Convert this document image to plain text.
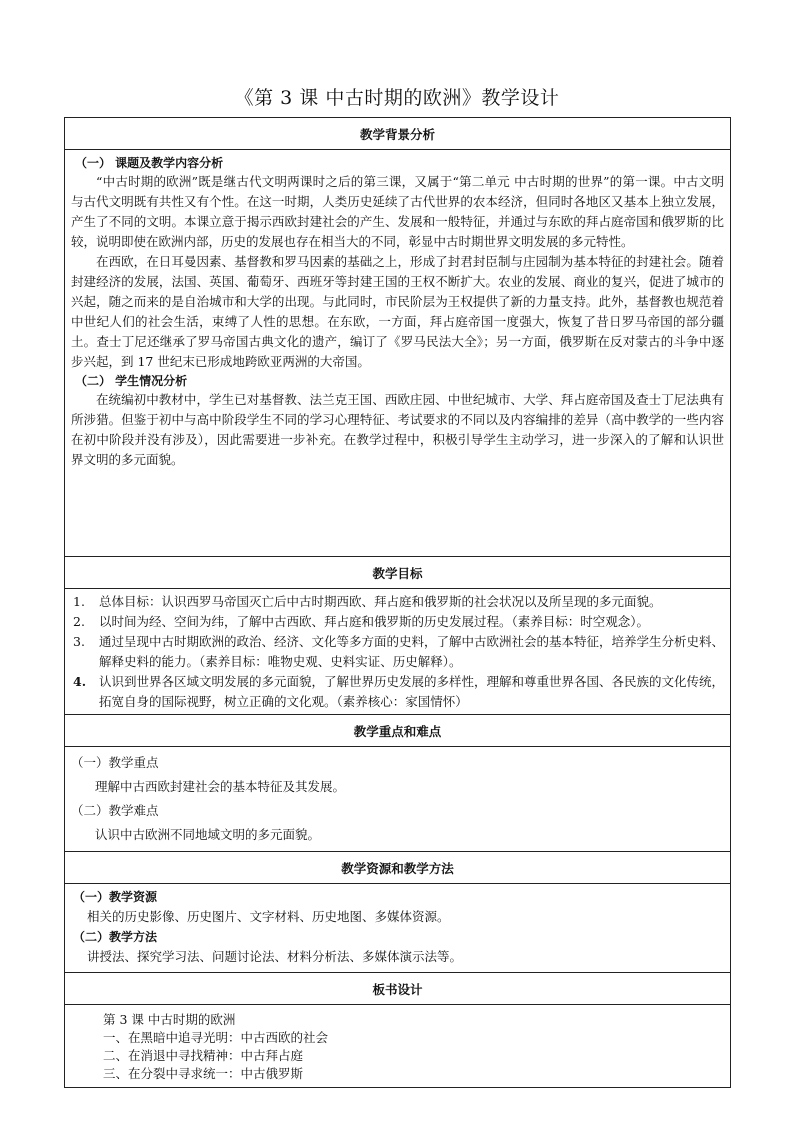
《第 3 课 中古时期的欧洲》教学设计
教学背景分析

（一） 课题及教学内容分析

“中古时期的欧洲”既是继古代文明两课时之后的第三课，又属于“第二单元 中古时期的世界”的第一课。中古文明与古代文明既有共性又有个性。在这一时期，人类历史延续了古代世界的农本经济，但同时各地区又基本上独立发展，产生了不同的文明。本课立意于揭示西欧封建社会的产生、发展和一般特征，并通过与东欧的拜占庭帝国和俄罗斯的比较，说明即使在欧洲内部，历史的发展也存在相当大的不同，彰显中古时期世界文明发展的多元特性。

在西欧，在日耳曼因素、基督教和罗马因素的基础之上，形成了封君封臣制与庄园制为基本特征的封建社会。随着封建经济的发展，法国、英国、葡萄牙、西班牙等封建王国的王权不断扩大。农业的发展、商业的复兴，促进了城市的兴起，随之而来的是自治城市和大学的出现。与此同时，市民阶层为王权提供了新的力量支持。此外，基督教也规范着中世纪人们的社会生活，束缚了人性的思想。在东欧，一方面，拜占庭帝国一度强大，恢复了昔日罗马帝国的部分疆土。查士丁尼还继承了罗马帝国古典文化的遗产，编订了《罗马民法大全》；另一方面，俄罗斯在反对蒙古的斗争中逐步兴起，到 17 世纪末已形成地跨欧亚两洲的大帝国。

（二） 学生情况分析

在统编初中教材中，学生已对基督教、法兰克王国、西欧庄园、中世纪城市、大学、拜占庭帝国及查士丁尼法典有所涉猎。但鉴于初中与高中阶段学生不同的学习心理特征、考试要求的不同以及内容编排的差异（高中教学的一些内容在初中阶段并没有涉及），因此需要进一步补充。在教学过程中，积极引导学生主动学习，进一步深入的了解和认识世界文明的多元面貌。

教学目标

1.	总体目标：认识西罗马帝国灭亡后中古时期西欧、拜占庭和俄罗斯的社会状况以及所呈现的多元面貌。
2.	以时间为经、空间为纬，了解中古西欧、拜占庭和俄罗斯的历史发展过程。（素养目标：时空观念）。
3.	通过呈现中古时期欧洲的政治、经济、文化等多方面的史料，了解中古欧洲社会的基本特征，培养学生分析史料、解释史料的能力。（素养目标：唯物史观、史料实证、历史解释）。
4.	认识到世界各区域文明发展的多元面貌，了解世界历史发展的多样性，理解和尊重世界各国、各民族的文化传统，拓宽自身的国际视野，树立正确的文化观。（素养核心：家国情怀）

教学重点和难点

（一）教学重点
理解中古西欧封建社会的基本特征及其发展。
（二）教学难点
认识中古欧洲不同地域文明的多元面貌。

教学资源和教学方法

（一）教学资源
相关的历史影像、历史图片、文字材料、历史地图、多媒体资源。
（二）教学方法
讲授法、探究学习法、问题讨论法、材料分析法、多媒体演示法等。

板书设计

第 3 课 中古时期的欧洲
一、在黑暗中追寻光明：中古西欧的社会
二、在消退中寻找精神：中古拜占庭
三、在分裂中寻求统一：中古俄罗斯
